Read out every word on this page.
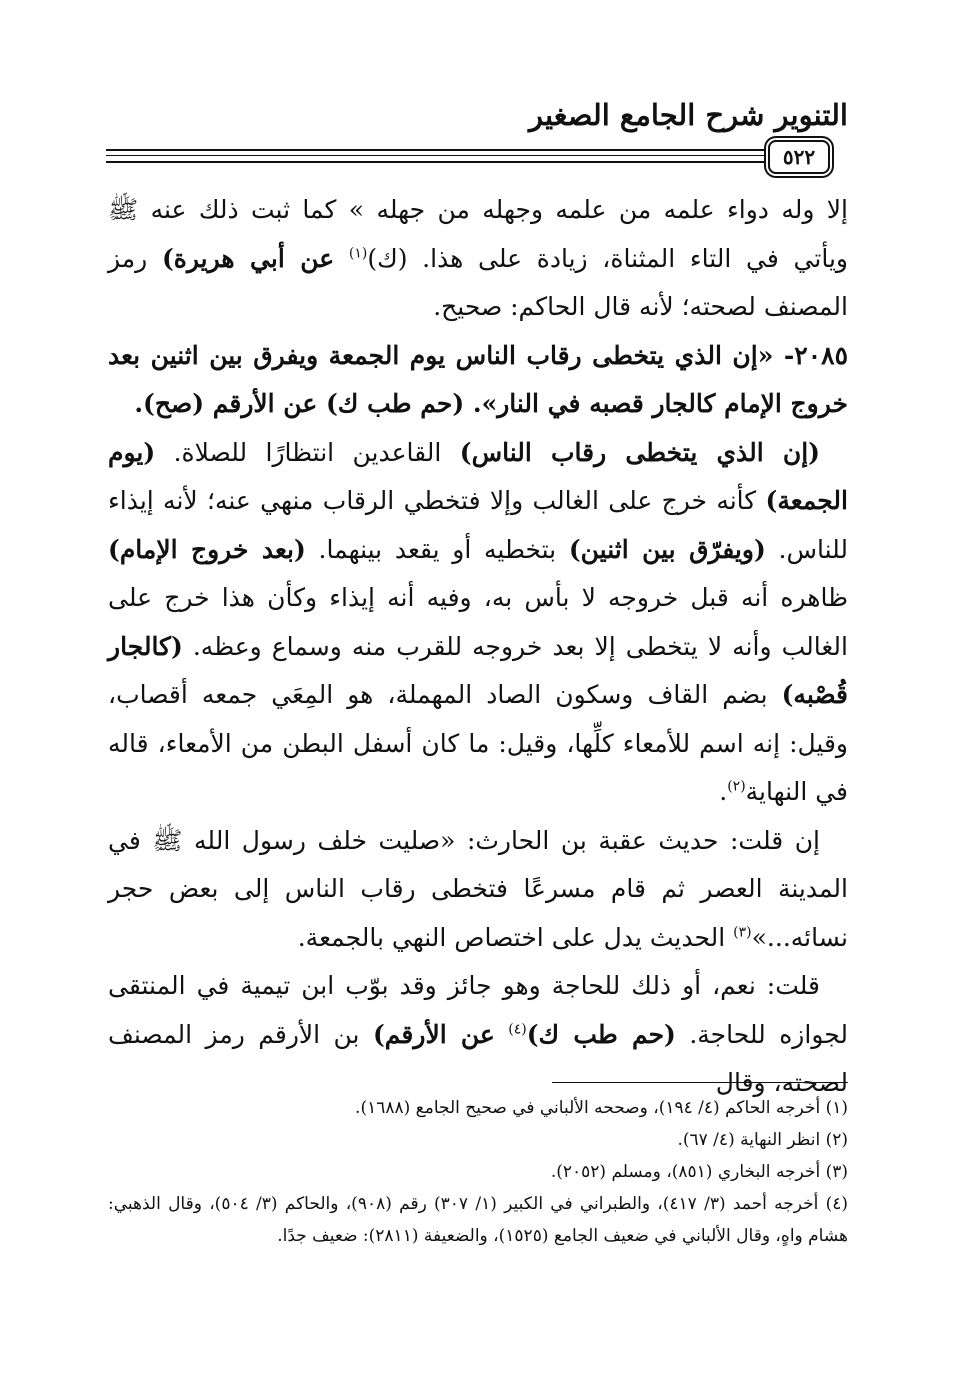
التنوير شرح الجامع الصغير
٥٢٢

إلا وله دواء علمه من علمه وجهله من جهله » كما ثبت ذلك عنه ﷺ ويأتي في التاء المثناة، زيادة على هذا. (ك)$^{(١)}$ عن أبي هريرة) رمز المصنف لصحته؛ لأنه قال الحاكم: صحيح.

٢٠٨٥- «إن الذي يتخطى رقاب الناس يوم الجمعة ويفرق بين اثنين بعد خروج الإمام كالجار قصبه في النار». (حم طب ك) عن الأرقم (صح).

(إن الذي يتخطى رقاب الناس) القاعدين انتظارًا للصلاة. (يوم الجمعة) كأنه خرج على الغالب وإلا فتخطي الرقاب منهي عنه؛ لأنه إيذاء للناس. (ويفرّق بين اثنين) بتخطيه أو يقعد بينهما. (بعد خروج الإمام) ظاهره أنه قبل خروجه لا بأس به، وفيه أنه إيذاء وكأن هذا خرج على الغالب وأنه لا يتخطى إلا بعد خروجه للقرب منه وسماع وعظه. (كالجار قُصْبه) بضم القاف وسكون الصاد المهملة، هو المِعَي جمعه أقصاب، وقيل: إنه اسم للأمعاء كلِّها، وقيل: ما كان أسفل البطن من الأمعاء، قاله في النهاية$^{(٢)}$.

إن قلت: حديث عقبة بن الحارث: «صليت خلف رسول الله ﷺ في المدينة العصر ثم قام مسرعًا فتخطى رقاب الناس إلى بعض حجر نسائه...»$^{(٣)}$ الحديث يدل على اختصاص النهي بالجمعة.

قلت: نعم، أو ذلك للحاجة وهو جائز وقد بوّب ابن تيمية في المنتقى لجوازه للحاجة. (حم طب ك)$^{(٤)}$ عن الأرقم) بن الأرقم رمز المصنف لصحته، وقال

(١) أخرجه الحاكم (٤/ ١٩٤)، وصححه الألباني في صحيح الجامع (١٦٨٨).

(٢) انظر النهاية (٤/ ٦٧).

(٣) أخرجه البخاري (٨٥١)، ومسلم (٢٠٥٢).

(٤) أخرجه أحمد (٣/ ٤١٧)، والطبراني في الكبير (١/ ٣٠٧) رقم (٩٠٨)، والحاكم (٣/ ٥٠٤)، وقال الذهبي: هشام واهٍ، وقال الألباني في ضعيف الجامع (١٥٢٥)، والضعيفة (٢٨١١): ضعيف جدًا.
